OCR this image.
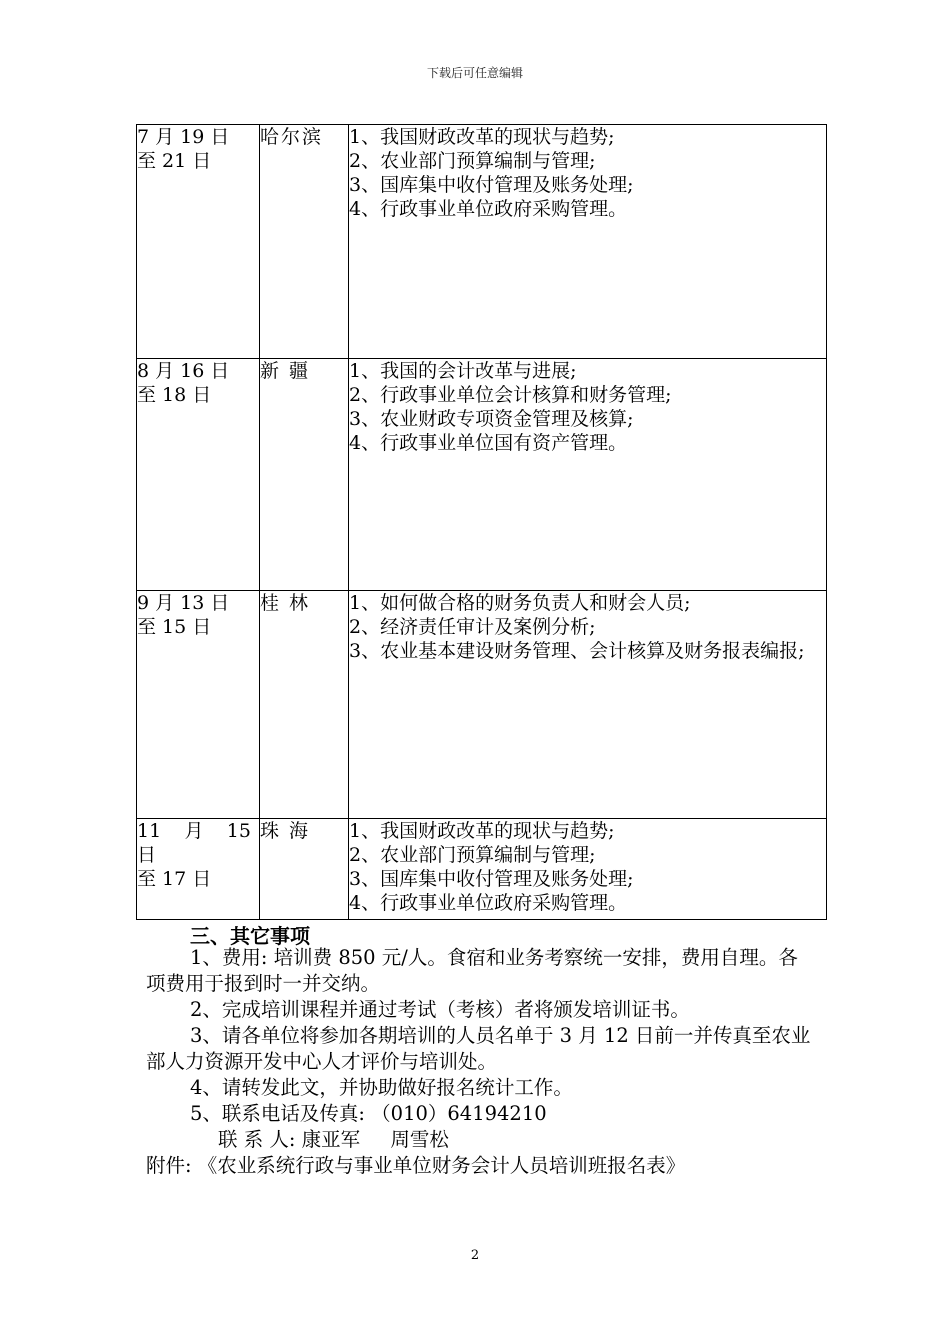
下载后可任意编辑
7 月 19 日
至 21 日	哈尔滨	1、我国财政改革的现状与趋势;
2、农业部门预算编制与管理;
3、国库集中收付管理及账务处理;
4、行政事业单位政府采购管理。

8 月 16 日
至 18 日	新 疆	1、我国的会计改革与进展;
2、行政事业单位会计核算和财务管理;
3、农业财政专项资金管理及核算;
4、行政事业单位国有资产管理。

9 月 13 日
至 15 日	桂 林	1、如何做合格的财务负责人和财会人员;
2、经济责任审计及案例分析;
3、农业基本建设财务管理、会计核算及财务报表编报;

11 月 15
日
至 17 日	珠 海	1、我国财政改革的现状与趋势;
2、农业部门预算编制与管理;
3、国库集中收付管理及账务处理;
4、行政事业单位政府采购管理。
三、其它事项
1、费用: 培训费 850 元/人。食宿和业务考察统一安排，费用自理。各项费用于报到时一并交纳。
2、完成培训课程并通过考试（考核）者将颁发培训证书。
3、请各单位将参加各期培训的人员名单于 3 月 12 日前一并传真至农业部人力资源开发中心人才评价与培训处。
4、请转发此文，并协助做好报名统计工作。
5、联系电话及传真: （010）64194210
联 系 人: 康亚军 周雪松
附件: 《农业系统行政与事业单位财务会计人员培训班报名表》
2
